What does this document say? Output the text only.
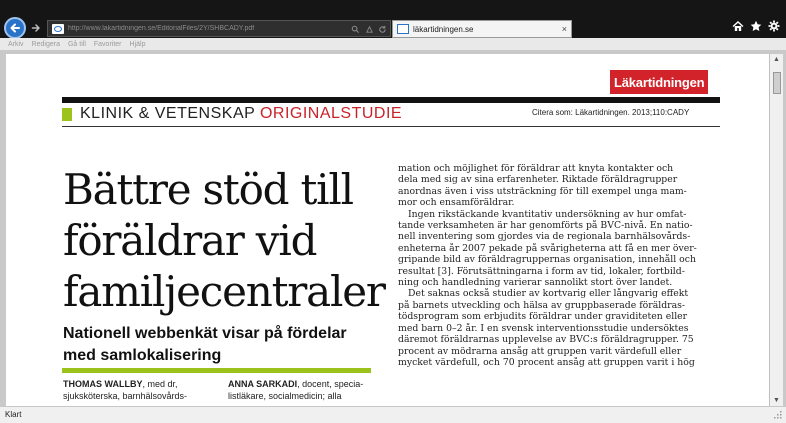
http://www.lakartidningen.se/EditorialFiles/2Y/SHBCADY.pdf	läkartidningen.se	×
Arkiv Redigera Gå till Favoriter Hjälp
Läkartidningen
KLINIK & VETENSKAP ORIGINALSTUDIE	Citera som: Läkartidningen. 2013;110:CADY
Bättre stöd till
föräldrar vid
familjecentraler
Nationell webbenkät visar på fördelar
med samlokalisering
THOMAS WALLBY, med dr,
sjuksköterska, barnhälsovårds-
ANNA SARKADI, docent, specia-
listläkare, socialmedicin; alla
mation och möjlighet för föräldrar att knyta kontakter och
dela med sig av sina erfarenheter. Riktade föräldragrupper
anordnas även i viss utsträckning för till exempel unga mam-
mor och ensamföräldrar.
Ingen rikstäckande kvantitativ undersökning av hur omfat-
tande verksamheten är har genomförts på BVC-nivå. En natio-
nell inventering som gjordes via de regionala barnhälsovårds-
enheterna år 2007 pekade på svårigheterna att få en mer över-
gripande bild av föräldragruppernas organisation, innehåll och
resultat [3]. Förutsättningarna i form av tid, lokaler, fortbild-
ning och handledning varierar sannolikt stort över landet.
Det saknas också studier av kortvarig eller långvarig effekt
på barnets utveckling och hälsa av gruppbaserade föräldras-
tödsprogram som erbjudits föräldrar under graviditeten eller
med barn 0–2 år. I en svensk interventionsstudie undersöktes
däremot föräldrarnas upplevelse av BVC:s föräldragrupper. 75
procent av mödrarna ansåg att gruppen varit värdefull eller
mycket värdefull, och 70 procent ansåg att gruppen varit i hög
▲
▼
Klart
